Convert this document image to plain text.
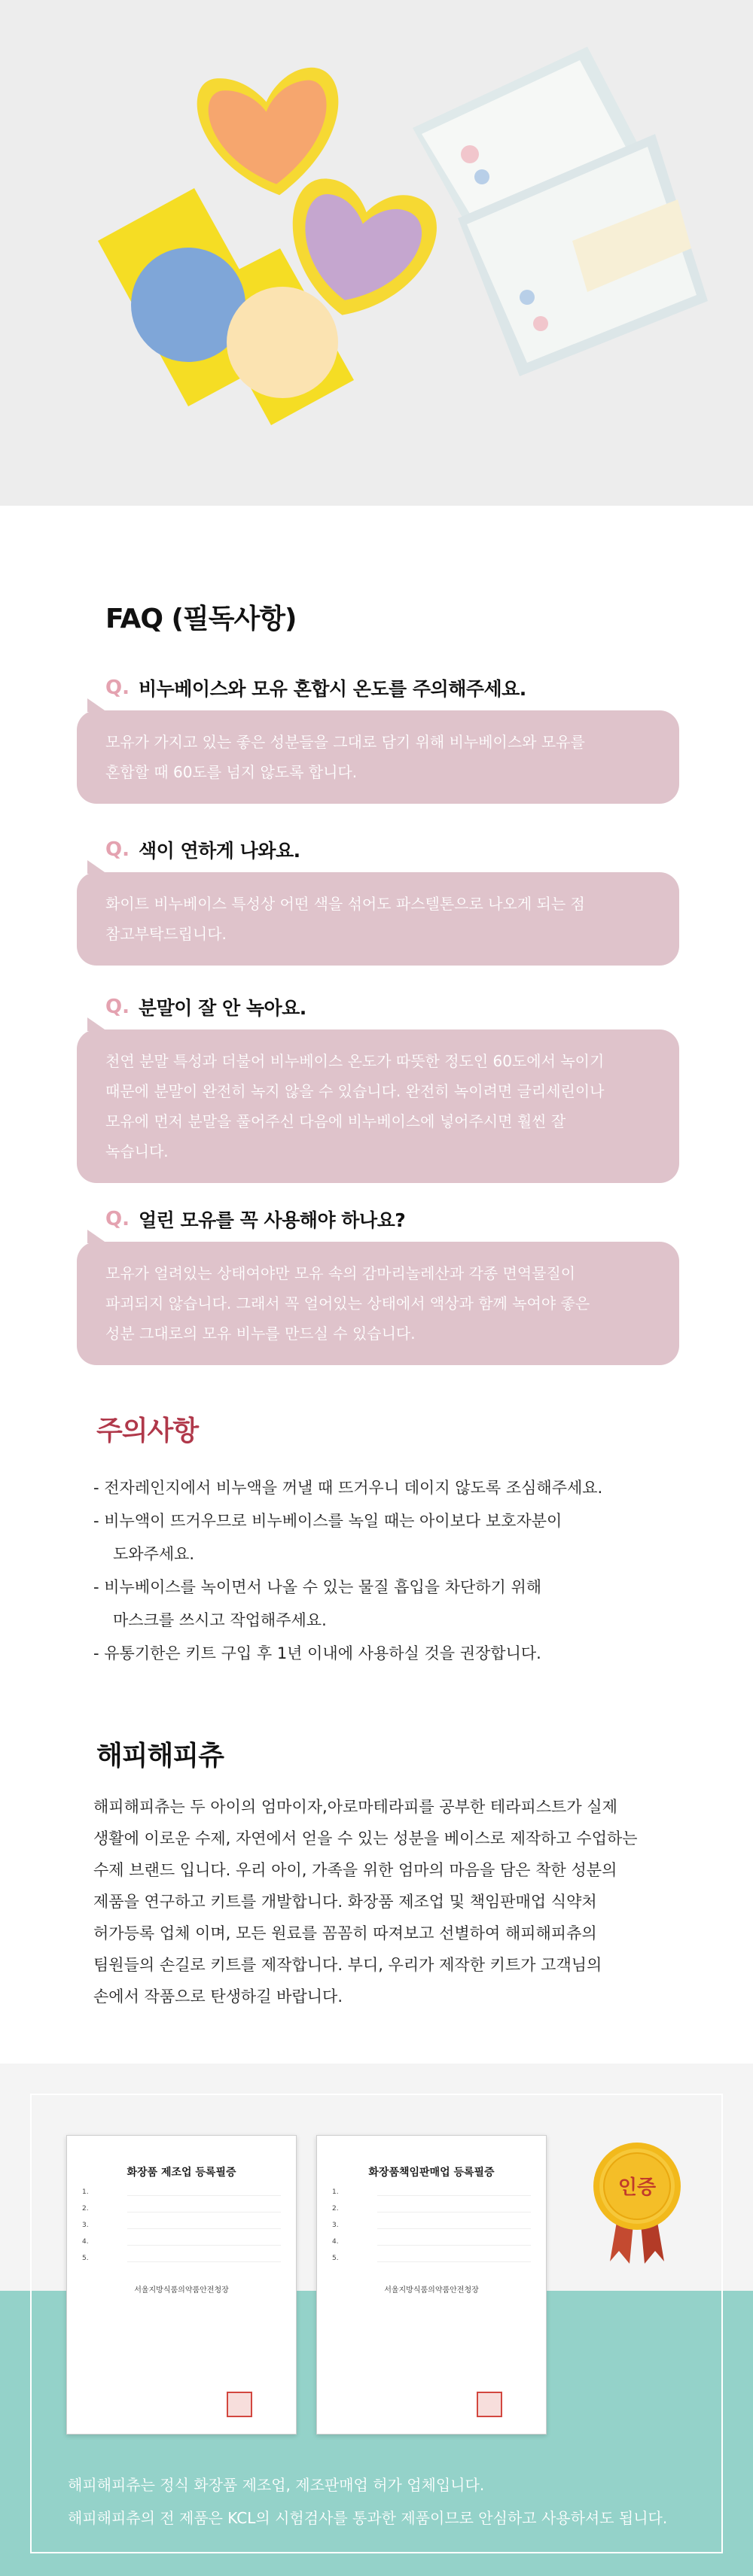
FAQ (필독사항)
Q. 비누베이스와 모유 혼합시 온도를 주의해주세요.

모유가 가지고 있는 좋은 성분들을 그대로 담기 위해 비누베이스와 모유를

혼합할 때 60도를 넘지 않도록 합니다.

Q. 색이 연하게 나와요.

화이트 비누베이스 특성상 어떤 색을 섞어도 파스텔톤으로 나오게 되는 점

참고부탁드립니다.

Q. 분말이 잘 안 녹아요.

천연 분말 특성과 더불어 비누베이스 온도가 따뜻한 정도인 60도에서 녹이기

때문에 분말이 완전히 녹지 않을 수 있습니다. 완전히 녹이려면 글리세린이나

모유에 먼저 분말을 풀어주신 다음에 비누베이스에 넣어주시면 훨씬 잘

녹습니다.

Q. 얼린 모유를 꼭 사용해야 하나요?

모유가 얼려있는 상태여야만 모유 속의 감마리놀레산과 각종 면역물질이

파괴되지 않습니다. 그래서 꼭 얼어있는 상태에서 액상과 함께 녹여야 좋은

성분 그대로의 모유 비누를 만드실 수 있습니다.

주의사항
- 전자레인지에서 비누액을 꺼낼 때 뜨거우니 데이지 않도록 조심해주세요.
- 비누액이 뜨거우므로 비누베이스를 녹일 때는 아이보다 보호자분이
도와주세요.
- 비누베이스를 녹이면서 나올 수 있는 물질 흡입을 차단하기 위해
마스크를 쓰시고 작업해주세요.
- 유통기한은 키트 구입 후 1년 이내에 사용하실 것을 권장합니다.
해피해피츄

해피해피츄는 두 아이의 엄마이자,아로마테라피를 공부한 테라피스트가 실제

생활에 이로운 수제, 자연에서 얻을 수 있는 성분을 베이스로 제작하고 수업하는

수제 브랜드 입니다. 우리 아이, 가족을 위한 엄마의 마음을 담은 착한 성분의

제품을 연구하고 키트를 개발합니다. 화장품 제조업 및 책임판매업 식약처

허가등록 업체 이며, 모든 원료를 꼼꼼히 따져보고 선별하여 해피해피츄의

팀원들의 손길로 키트를 제작합니다. 부디, 우리가 제작한 키트가 고객님의

손에서 작품으로 탄생하길 바랍니다.

화장품 제조업 등록필증
1.
2.
3.
4.
5.
서울지방식품의약품안전청장
화장품책임판매업 등록필증
1.
2.
3.
4.
5.
서울지방식품의약품안전청장
인증

해피해피츄는 정식 화장품 제조업, 제조판매업 허가 업체입니다.

해피해피츄의 전 제품은 KCL의 시험검사를 통과한 제품이므로 안심하고 사용하셔도 됩니다.
